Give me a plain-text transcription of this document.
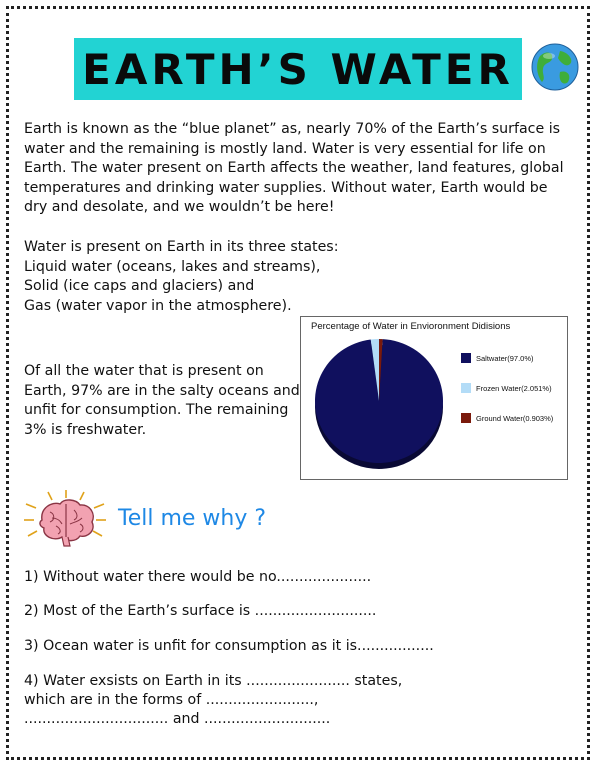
EARTH’S WATER

Earth is known as the “blue planet” as, nearly 70% of the Earth’s surface is water and the remaining is mostly land. Water is very essential for life on Earth. The water present on Earth affects the weather, land features, global temperatures and drinking water supplies. Without water, Earth would be dry and desolate, and we wouldn’t be here!

Water is present on Earth in its three states:
Liquid water (oceans, lakes and streams),
Solid (ice caps and glaciers) and
Gas (water vapor in the atmosphere).

Of all the water that is present on Earth, 97% are in the salty oceans and unfit for consumption. The remaining 3% is freshwater.

Percentage of Water in Envioronment Didisions
Saltwater(97.0%)
Frozen Water(2.051%)
Ground Water(0.903%)
Tell me why ?

1) Without water there would be no.....................

2) Most of the Earth’s surface is ...........................

3) Ocean water is unfit for consumption as it is.................

4) Water exsists on Earth in its ....................... states,
which are in the forms of ........................,
................................ and ............................
